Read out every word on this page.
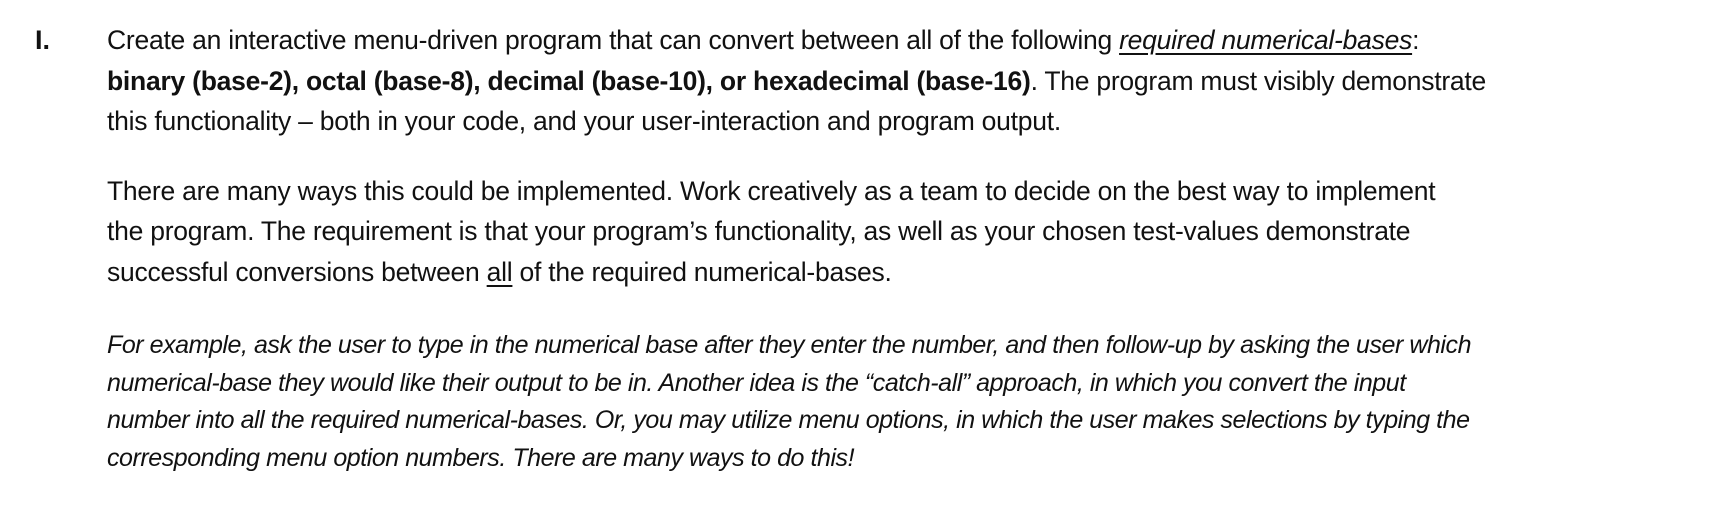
I. Create an interactive menu-driven program that can convert between all of the following required numerical-bases:
binary (base-2), octal (base-8), decimal (base-10), or hexadecimal (base-16). The program must visibly demonstrate
this functionality – both in your code, and your user-interaction and program output.

There are many ways this could be implemented. Work creatively as a team to decide on the best way to implement
the program. The requirement is that your program’s functionality, as well as your chosen test-values demonstrate
successful conversions between all of the required numerical-bases.

For example, ask the user to type in the numerical base after they enter the number, and then follow-up by asking the user which
numerical-base they would like their output to be in. Another idea is the “catch-all” approach, in which you convert the input
number into all the required numerical-bases. Or, you may utilize menu options, in which the user makes selections by typing the
corresponding menu option numbers. There are many ways to do this!
